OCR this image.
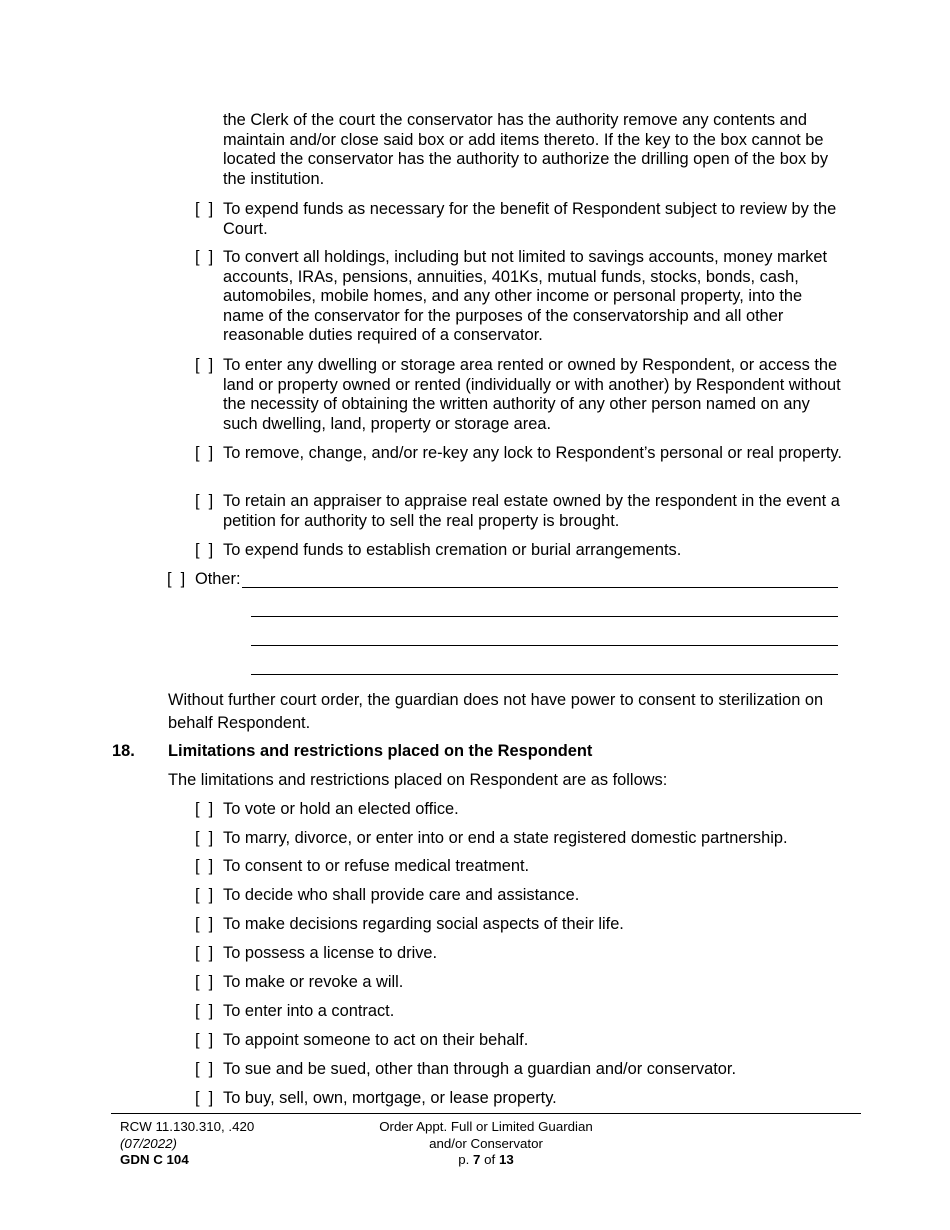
the Clerk of the court the conservator has the authority remove any contents and maintain and/or close said box or add items thereto. If the key to the box cannot be located the conservator has the authority to authorize the drilling open of the box by the institution.
[  ] To expend funds as necessary for the benefit of Respondent subject to review by the Court.
[  ] To convert all holdings, including but not limited to savings accounts, money market accounts, IRAs, pensions, annuities, 401Ks, mutual funds, stocks, bonds, cash, automobiles, mobile homes, and any other income or personal property, into the name of the conservator for the purposes of the conservatorship and all other reasonable duties required of a conservator.
[  ] To enter any dwelling or storage area rented or owned by Respondent, or access the land or property owned or rented (individually or with another) by Respondent without the necessity of obtaining the written authority of any other person named on any such dwelling, land, property or storage area.
[  ] To remove, change, and/or re-key any lock to Respondent’s personal or real property.
[  ] To retain an appraiser to appraise real estate owned by the respondent in the event a petition for authority to sell the real property is brought.
[  ] To expend funds to establish cremation or burial arrangements.
[  ] Other:
Without further court order, the guardian does not have power to consent to sterilization on behalf Respondent.
18. Limitations and restrictions placed on the Respondent
The limitations and restrictions placed on Respondent are as follows:
[  ] To vote or hold an elected office.
[  ] To marry, divorce, or enter into or end a state registered domestic partnership.
[  ] To consent to or refuse medical treatment.
[  ] To decide who shall provide care and assistance.
[  ] To make decisions regarding social aspects of their life.
[  ] To possess a license to drive.
[  ] To make or revoke a will.
[  ] To enter into a contract.
[  ] To appoint someone to act on their behalf.
[  ] To sue and be sued, other than through a guardian and/or conservator.
[  ] To buy, sell, own, mortgage, or lease property.
RCW 11.130.310, .420
(07/2022)
GDN C 104
Order Appt. Full or Limited Guardian
and/or Conservator
p. 7 of 13
